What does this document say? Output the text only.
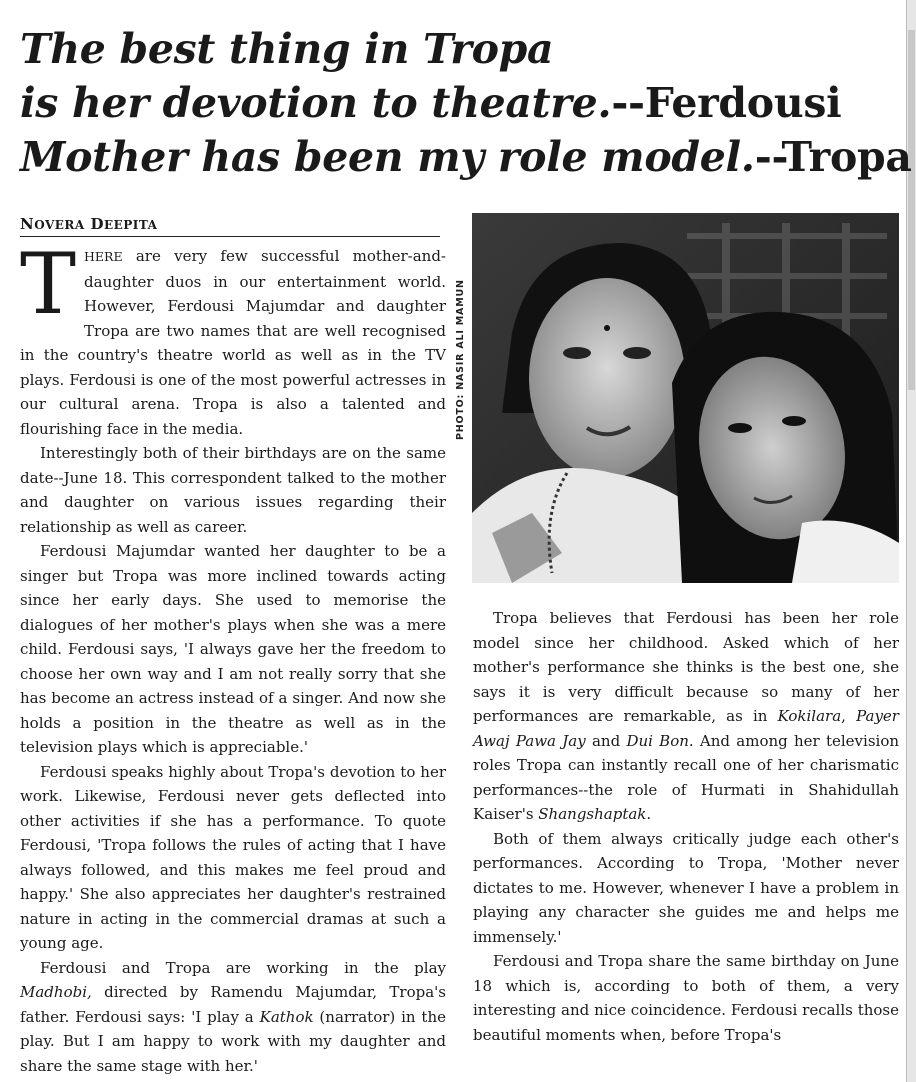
The best thing in Tropa
is her devotion to theatre.--Ferdousi
Mother has been my role model.--Tropa
NOVERA DEEPITA

THERE are very few successful mother-and-daughter duos in our entertainment world. However, Ferdousi Majumdar and daughter Tropa are two names that are well recognised in the country's theatre world as well as in the TV plays. Ferdousi is one of the most powerful actresses in our cultural arena. Tropa is also a talented and flourishing face in the media.

Interestingly both of their birthdays are on the same date--June 18. This correspondent talked to the mother and daughter on various issues regarding their relationship as well as career.

Ferdousi Majumdar wanted her daughter to be a singer but Tropa was more inclined towards acting since her early days. She used to memorise the dialogues of her mother's plays when she was a mere child. Ferdousi says, 'I always gave her the freedom to choose her own way and I am not really sorry that she has become an actress instead of a singer. And now she holds a position in the theatre as well as in the television plays which is appreciable.'

Ferdousi speaks highly about Tropa's devotion to her work. Likewise, Ferdousi never gets deflected into other activities if she has a performance. To quote Ferdousi, 'Tropa follows the rules of acting that I have always followed, and this makes me feel proud and happy.' She also appreciates her daughter's restrained nature in acting in the commercial dramas at such a young age.

Ferdousi and Tropa are working in the play Madhobi, directed by Ramendu Majumdar, Tropa's father. Ferdousi says: 'I play a Kathok (narrator) in the play. But I am happy to work with my daughter and share the same stage with her.'

PHOTO: NASIR ALI MAMUN

Tropa believes that Ferdousi has been her role model since her childhood. Asked which of her mother's performance she thinks is the best one, she says it is very difficult because so many of her performances are remarkable, as in Kokilara, Payer Awaj Pawa Jay and Dui Bon. And among her television roles Tropa can instantly recall one of her charismatic performances--the role of Hurmati in Shahidullah Kaiser's Shangshaptak.

Both of them always critically judge each other's performances. According to Tropa, 'Mother never dictates to me. However, whenever I have a problem in playing any character she guides me and helps me immensely.'

Ferdousi and Tropa share the same birthday on June 18 which is, according to both of them, a very interesting and nice coincidence. Ferdousi recalls those beautiful moments when, before Tropa's
